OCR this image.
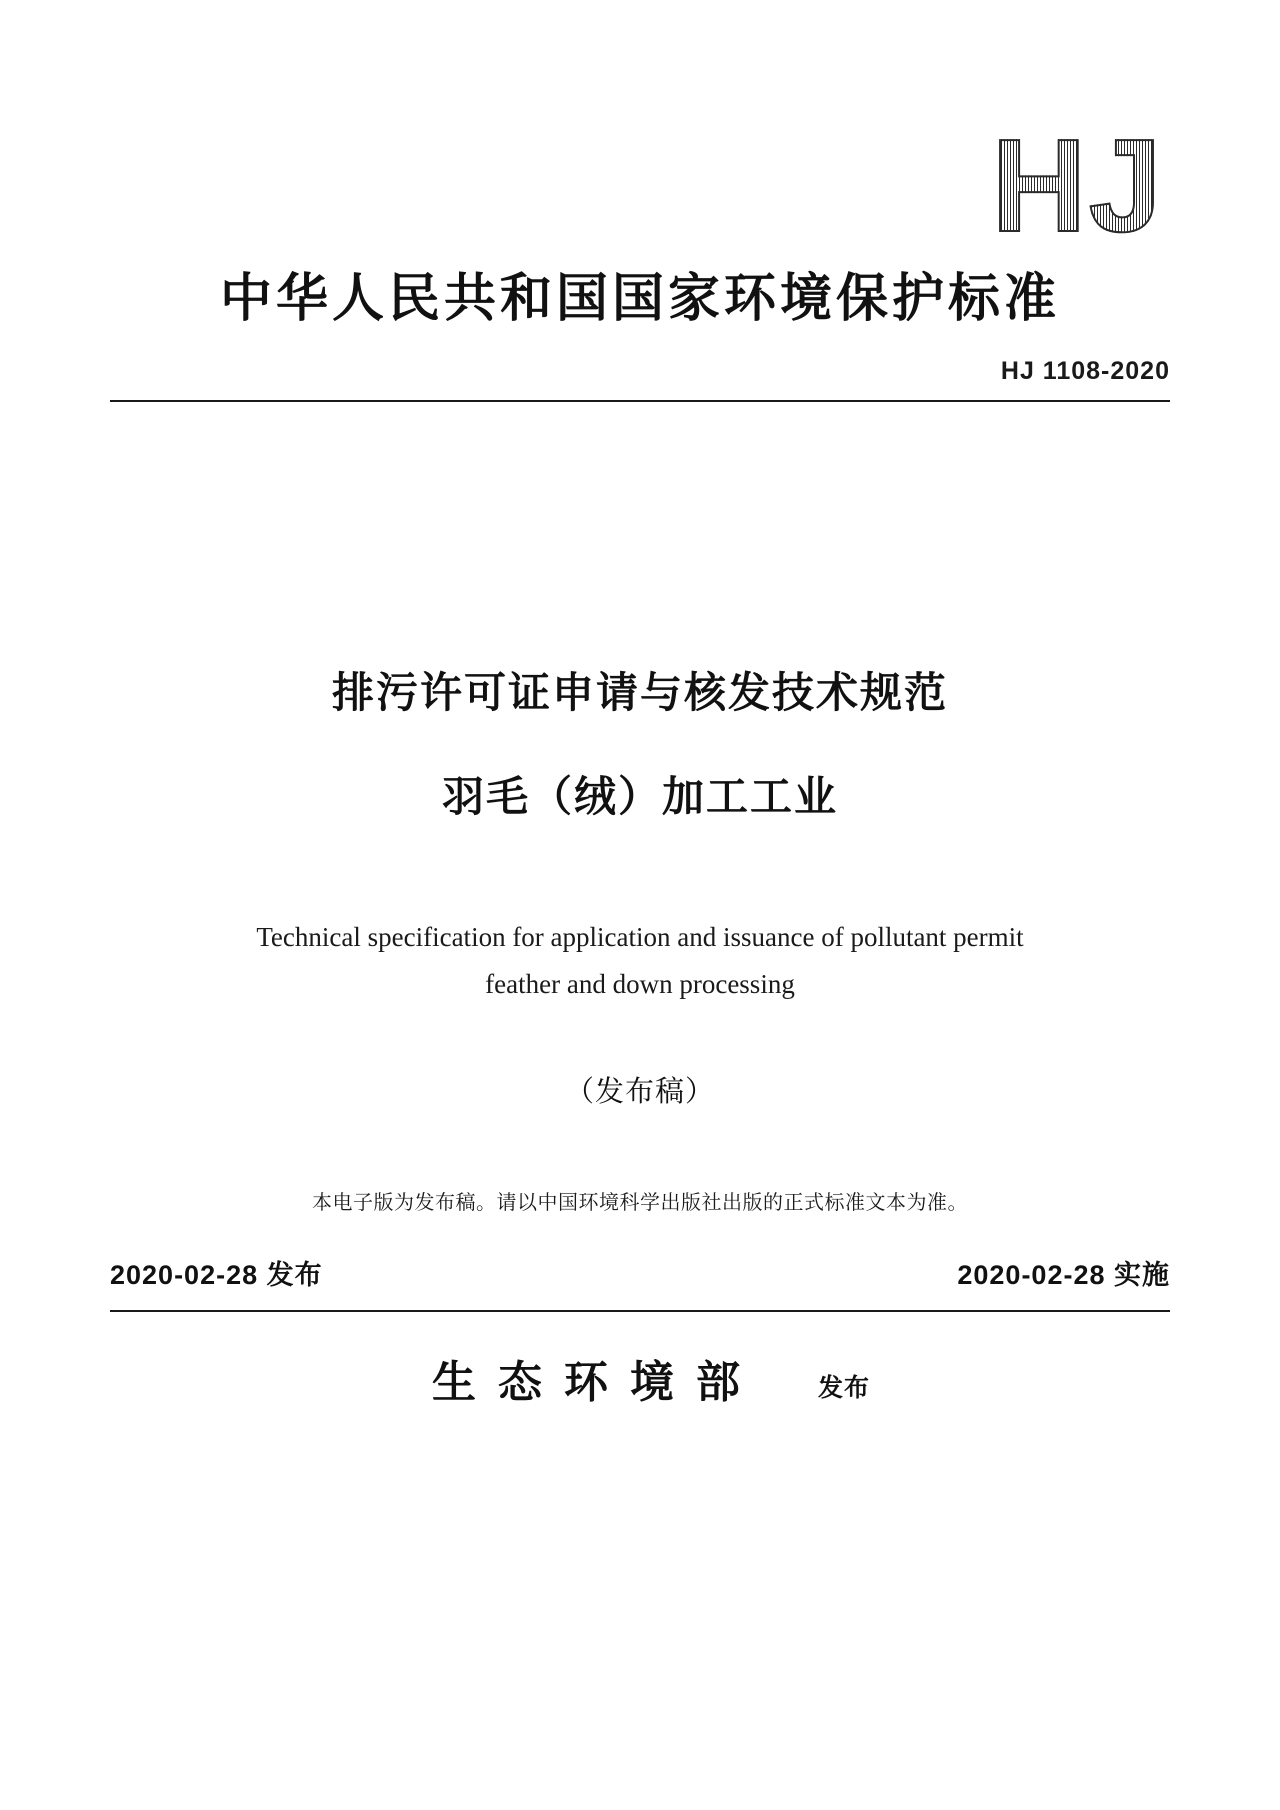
HJ
中华人民共和国国家环境保护标准
HJ 1108-2020
排污许可证申请与核发技术规范
羽毛（绒）加工工业
Technical specification for application and issuance of pollutant permit
feather and down processing
（发布稿）
本电子版为发布稿。请以中国环境科学出版社出版的正式标准文本为准。
2020-02-28 发布	2020-02-28 实施
生态环境部 发布
